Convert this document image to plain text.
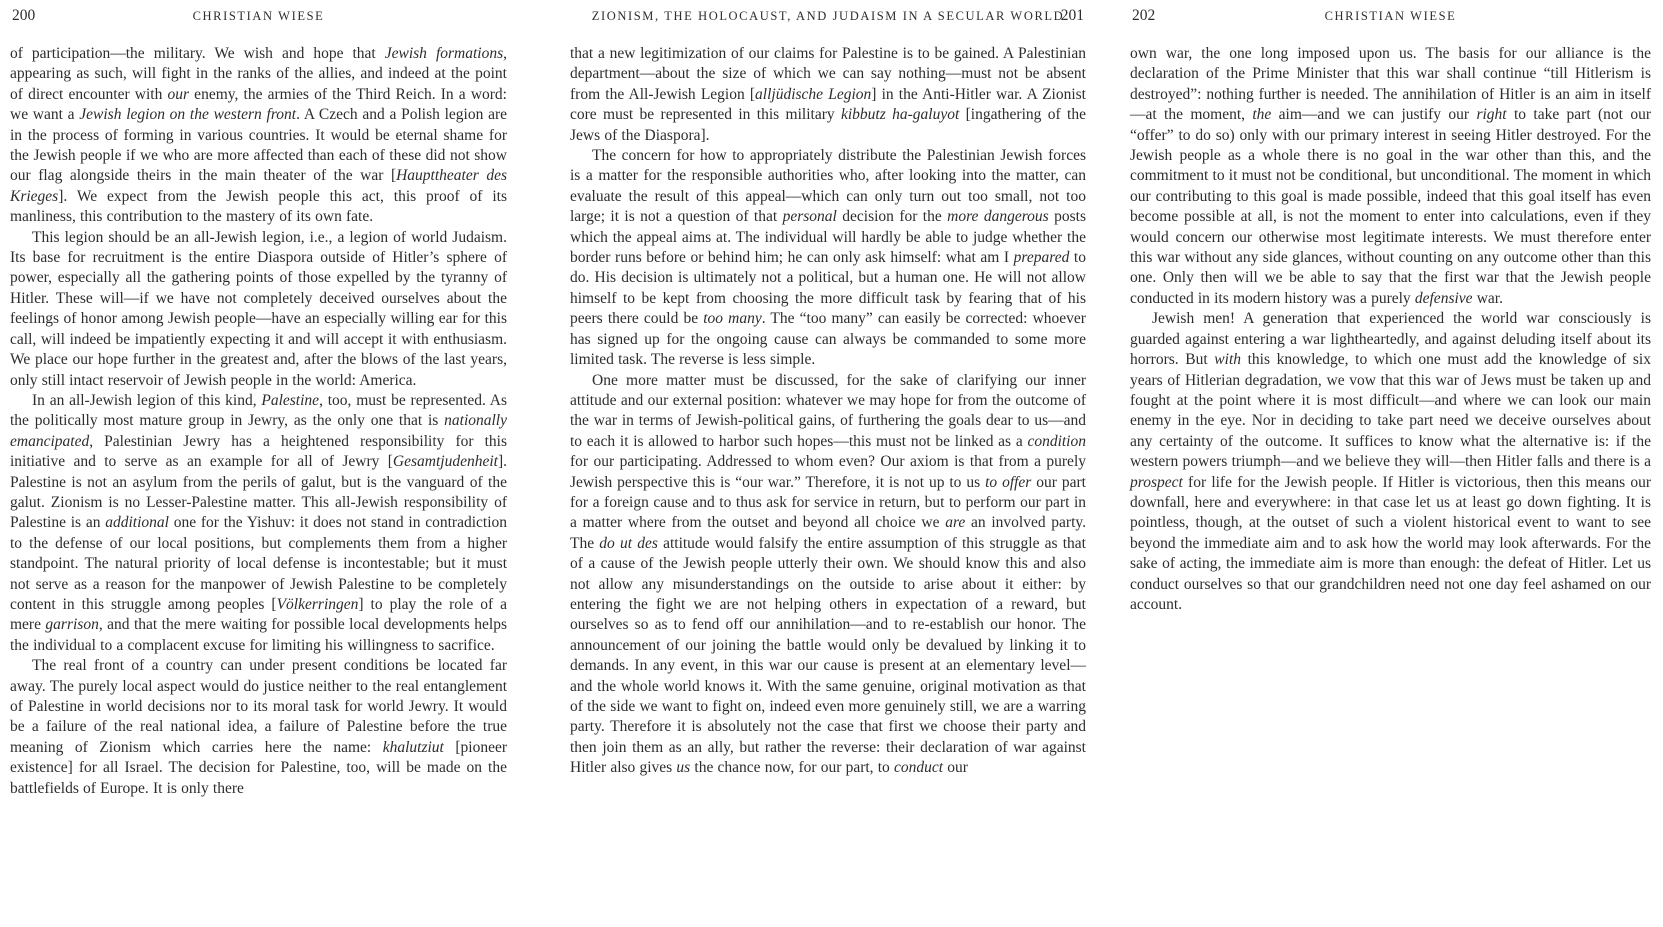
200	CHRISTIAN WIESE

of participation—the military. We wish and hope that Jewish formations, appearing as such, will fight in the ranks of the allies, and indeed at the point of direct encounter with our enemy, the armies of the Third Reich. In a word: we want a Jewish legion on the western front. A Czech and a Polish legion are in the process of forming in various countries. It would be eternal shame for the Jewish people if we who are more affected than each of these did not show our flag alongside theirs in the main theater of the war [Haupttheater des Krieges]. We expect from the Jewish people this act, this proof of its manliness, this contribution to the mastery of its own fate.

This legion should be an all-Jewish legion, i.e., a legion of world Judaism. Its base for recruitment is the entire Diaspora outside of Hitler’s sphere of power, especially all the gathering points of those expelled by the tyranny of Hitler. These will—if we have not completely deceived ourselves about the feelings of honor among Jewish people—have an especially willing ear for this call, will indeed be impatiently expecting it and will accept it with enthusiasm. We place our hope further in the greatest and, after the blows of the last years, only still intact reservoir of Jewish people in the world: America.

In an all-Jewish legion of this kind, Palestine, too, must be represented. As the politically most mature group in Jewry, as the only one that is nationally emancipated, Palestinian Jewry has a heightened responsibility for this initiative and to serve as an example for all of Jewry [Gesamtjudenheit]. Palestine is not an asylum from the perils of galut, but is the vanguard of the galut. Zionism is no Lesser-Palestine matter. This all-Jewish responsibility of Palestine is an additional one for the Yishuv: it does not stand in contradiction to the defense of our local positions, but complements them from a higher standpoint. The natural priority of local defense is incontestable; but it must not serve as a reason for the manpower of Jewish Palestine to be completely content in this struggle among peoples [Völkerringen] to play the role of a mere garrison, and that the mere waiting for possible local developments helps the individual to a complacent excuse for limiting his willingness to sacrifice.

The real front of a country can under present conditions be located far away. The purely local aspect would do justice neither to the real entanglement of Palestine in world decisions nor to its moral task for world Jewry. It would be a failure of the real national idea, a failure of Palestine before the true meaning of Zionism which carries here the name: khalutziut [pioneer existence] for all Israel. The decision for Palestine, too, will be made on the battlefields of Europe. It is only there

ZIONISM, THE HOLOCAUST, AND JUDAISM IN A SECULAR WORLD
201

that a new legitimization of our claims for Palestine is to be gained. A Palestinian department—about the size of which we can say nothing—must not be absent from the All-Jewish Legion [alljüdische Legion] in the Anti-Hitler war. A Zionist core must be represented in this military kibbutz ha-galuyot [ingathering of the Jews of the Diaspora].

The concern for how to appropriately distribute the Palestinian Jewish forces is a matter for the responsible authorities who, after looking into the matter, can evaluate the result of this appeal—which can only turn out too small, not too large; it is not a question of that personal decision for the more dangerous posts which the appeal aims at. The individual will hardly be able to judge whether the border runs before or behind him; he can only ask himself: what am I prepared to do. His decision is ultimately not a political, but a human one. He will not allow himself to be kept from choosing the more difficult task by fearing that of his peers there could be too many. The “too many” can easily be corrected: whoever has signed up for the ongoing cause can always be commanded to some more limited task. The reverse is less simple.

One more matter must be discussed, for the sake of clarifying our inner attitude and our external position: whatever we may hope for from the outcome of the war in terms of Jewish-political gains, of furthering the goals dear to us—and to each it is allowed to harbor such hopes—this must not be linked as a condition for our participating. Addressed to whom even? Our axiom is that from a purely Jewish perspective this is “our war.” Therefore, it is not up to us to offer our part for a foreign cause and to thus ask for service in return, but to perform our part in a matter where from the outset and beyond all choice we are an involved party. The do ut des attitude would falsify the entire assumption of this struggle as that of a cause of the Jewish people utterly their own. We should know this and also not allow any misunderstandings on the outside to arise about it either: by entering the fight we are not helping others in expectation of a reward, but ourselves so as to fend off our annihilation—and to re-establish our honor. The announcement of our joining the battle would only be devalued by linking it to demands. In any event, in this war our cause is present at an elementary level—and the whole world knows it. With the same genuine, original motivation as that of the side we want to fight on, indeed even more genuinely still, we are a warring party. Therefore it is absolutely not the case that first we choose their party and then join them as an ally, but rather the reverse: their declaration of war against Hitler also gives us the chance now, for our part, to conduct our

202	CHRISTIAN WIESE

own war, the one long imposed upon us. The basis for our alliance is the declaration of the Prime Minister that this war shall continue “till Hitlerism is destroyed”: nothing further is needed. The annihilation of Hitler is an aim in itself—at the moment, the aim—and we can justify our right to take part (not our “offer” to do so) only with our primary interest in seeing Hitler destroyed. For the Jewish people as a whole there is no goal in the war other than this, and the commitment to it must not be conditional, but unconditional. The moment in which our contributing to this goal is made possible, indeed that this goal itself has even become possible at all, is not the moment to enter into calculations, even if they would concern our otherwise most legitimate interests. We must therefore enter this war without any side glances, without counting on any outcome other than this one. Only then will we be able to say that the first war that the Jewish people conducted in its modern history was a purely defensive war.

Jewish men! A generation that experienced the world war consciously is guarded against entering a war lightheartedly, and against deluding itself about its horrors. But with this knowledge, to which one must add the knowledge of six years of Hitlerian degradation, we vow that this war of Jews must be taken up and fought at the point where it is most difficult—and where we can look our main enemy in the eye. Nor in deciding to take part need we deceive ourselves about any certainty of the outcome. It suffices to know what the alternative is: if the western powers triumph—and we believe they will—then Hitler falls and there is a prospect for life for the Jewish people. If Hitler is victorious, then this means our downfall, here and everywhere: in that case let us at least go down fighting. It is pointless, though, at the outset of such a violent historical event to want to see beyond the immediate aim and to ask how the world may look afterwards. For the sake of acting, the immediate aim is more than enough: the defeat of Hitler. Let us conduct ourselves so that our grandchildren need not one day feel ashamed on our account.
